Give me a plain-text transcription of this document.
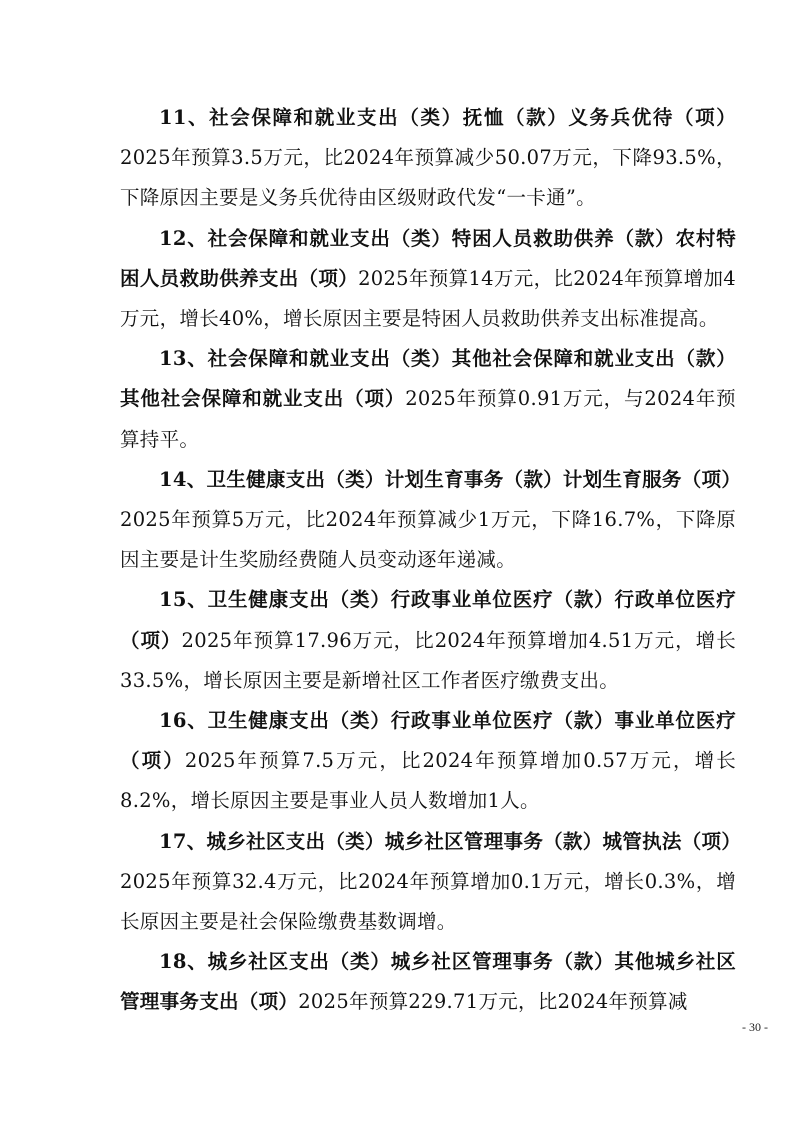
11、社会保障和就业支出（类）抚恤（款）义务兵优待（项）2025年预算3.5万元，比2024年预算减少50.07万元，下降93.5%，下降原因主要是义务兵优待由区级财政代发“一卡通”。

12、社会保障和就业支出（类）特困人员救助供养（款）农村特困人员救助供养支出（项）2025年预算14万元，比2024年预算增加4万元，增长40%，增长原因主要是特困人员救助供养支出标准提高。

13、社会保障和就业支出（类）其他社会保障和就业支出（款）其他社会保障和就业支出（项）2025年预算0.91万元，与2024年预算持平。

14、卫生健康支出（类）计划生育事务（款）计划生育服务（项）2025年预算5万元，比2024年预算减少1万元，下降16.7%，下降原因主要是计生奖励经费随人员变动逐年递减。

15、卫生健康支出（类）行政事业单位医疗（款）行政单位医疗（项）2025年预算17.96万元，比2024年预算增加4.51万元，增长33.5%，增长原因主要是新增社区工作者医疗缴费支出。

16、卫生健康支出（类）行政事业单位医疗（款）事业单位医疗（项）2025年预算7.5万元，比2024年预算增加0.57万元，增长8.2%，增长原因主要是事业人员人数增加1人。

17、城乡社区支出（类）城乡社区管理事务（款）城管执法（项）2025年预算32.4万元，比2024年预算增加0.1万元，增长0.3%，增长原因主要是社会保险缴费基数调增。

18、城乡社区支出（类）城乡社区管理事务（款）其他城乡社区管理事务支出（项）2025年预算229.71万元，比2024年预算减

- 30 -
